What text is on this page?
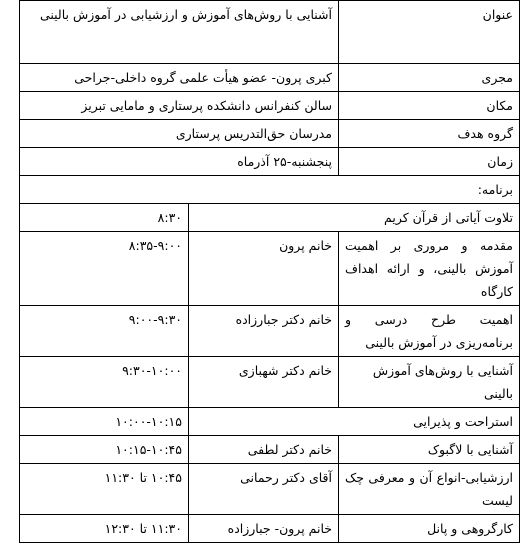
عنوان	آشنایی با روش‌های آموزش و ارزشیابی در آموزش بالینی	
مجری	کبری پرون- عضو هیأت علمی گروه داخلی-جراحی	
مکان	سالن کنفرانس دانشکده پرستاری و مامایی تبریز	
گروه هدف	مدرسان حق‌التدریس پرستاری	
زمان	پنجشنبه-۲۵ آذرماه	
برنامه:		
تلاوت آیاتی از قرآن کریم		۸:۳۰
مقدمه و مروری بر اهمیت آموزش بالینی، و ارائه اهداف کارگاه	خانم پرون	۸:۳۵-۹:۰۰
اهمیت طرح درسی و برنامه‌ریزی در آموزش بالینی	خانم دکتر جبارزاده	۹:۰۰-۹:۳۰
آشنایی با روش‌های آموزش بالینی	خانم دکتر شهبازی	۹:۳۰-۱۰:۰۰
استراحت و پذیرایی		۱۰:۰۰-۱۰:۱۵
آشنایی با لاگبوک	خانم دکتر لطفی	۱۰:۱۵-۱۰:۴۵
ارزشیابی-انواع آن و معرفی چک لیست	آقای دکتر رحمانی	۱۰:۴۵ تا ۱۱:۳۰
کارگروهی و پانل	خانم پرون- جبارزاده	۱۱:۳۰ تا ۱۲:۳۰
